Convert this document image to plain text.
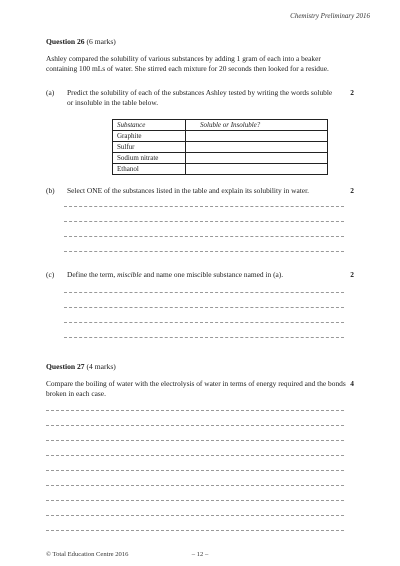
Chemistry Preliminary 2016
Question 26 (6 marks)
Ashley compared the solubility of various substances by adding 1 gram of each into a beaker containing 100 mLs of water. She stirred each mixture for 20 seconds then looked for a residue.
(a) Predict the solubility of each of the substances Ashley tested by writing the words soluble or insoluble in the table below.
2
Substance	Soluble or Insoluble?
Graphite	
Sulfur	
Sodium nitrate	
Ethanol	
(b) Select ONE of the substances listed in the table and explain its solubility in water.	2
(c) Define the term, miscible and name one miscible substance named in (a).	2
Question 27 (4 marks)
Compare the boiling of water with the electrolysis of water in terms of energy required and the bonds broken in each case.
4
© Total Education Centre 2016	– 12 –
